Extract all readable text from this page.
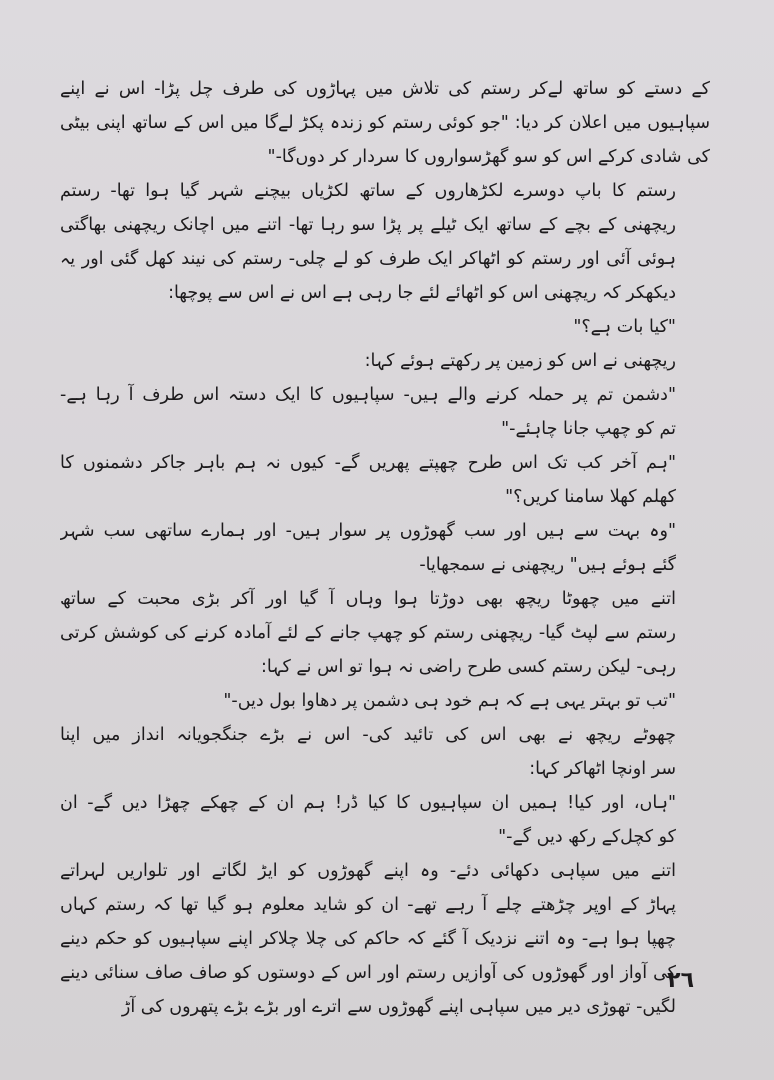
کے دستے کو ساتھ لےکر رستم کی تلاش میں پہاڑوں کی طرف چل پڑا- اس نے اپنے
سپاہیوں میں اعلان کر دیا: "جو کوئی رستم کو زندہ پکڑ لےگا میں اس کے ساتھ اپنی بیٹی
کی شادی کرکے اس کو سو گھڑسواروں کا سردار کر دوں‌گا-"
رستم کا باپ دوسرے لکڑھاروں کے ساتھ لکڑیاں بیچنے شہر گیا ہوا تھا- رستم
ریچھنی کے بچے کے ساتھ ایک ٹیلے پر پڑا سو رہا تھا- اتنے میں اچانک ریچھنی بھاگتی
ہوئی آئی اور رستم کو اٹھاکر ایک طرف کو لے چلی- رستم کی نیند کھل گئی اور یہ
دیکھکر کہ ریچھنی اس کو اٹھائے لئے جا رہی ہے اس نے اس سے پوچھا:
"کیا بات ہے؟"
ریچھنی نے اس کو زمین پر رکھتے ہوئے کہا:
"دشمن تم پر حملہ کرنے والے ہیں- سپاہیوں کا ایک دستہ اس طرف آ رہا ہے-
تم کو چھپ جانا چاہئے-"
"ہم آخر کب تک اس طرح چھپتے پھریں گے- کیوں نہ ہم باہر جاکر دشمنوں کا
کھلم کھلا سامنا کریں؟"
"وہ بہت سے ہیں اور سب گھوڑوں پر سوار ہیں- اور ہمارے ساتھی سب شہر
گئے ہوئے ہیں" ریچھنی نے سمجھایا-
اتنے میں چھوٹا ریچھ بھی دوڑتا ہوا وہاں آ گیا اور آکر بڑی محبت کے ساتھ
رستم سے لپٹ گیا- ریچھنی رستم کو چھپ جانے کے لئے آمادہ کرنے کی کوشش کرتی
رہی- لیکن رستم کسی طرح راضی نہ ہوا تو اس نے کہا:
"تب تو بہتر یہی ہے کہ ہم خود ہی دشمن پر دھاوا بول دیں-"
چھوٹے ریچھ نے بھی اس کی تائید کی- اس نے بڑے جنگجویانہ انداز میں اپنا
سر اونچا اٹھاکر کہا:
"ہاں، اور کیا! ہمیں ان سپاہیوں کا کیا ڈر! ہم ان کے چھکے چھڑا دیں گے- ان
کو کچل‌کے رکھ دیں گے-"
اتنے میں سپاہی دکھائی دئے- وہ اپنے گھوڑوں کو ایڑ لگاتے اور تلواریں لہراتے
پہاڑ کے اوپر چڑھتے چلے آ رہے تھے- ان کو شاید معلوم ہو گیا تھا کہ رستم کہاں
چھپا ہوا ہے- وہ اتنے نزدیک آ گئے کہ حاکم کی چلا چلاکر اپنے سپاہیوں کو حکم دینے
کی آواز اور گھوڑوں کی آوازیں رستم اور اس کے دوستوں کو صاف صاف سنائی دینے
لگیں- تھوڑی دیر میں سپاہی اپنے گھوڑوں سے اترے اور بڑے بڑے پتھروں کی آڑ
۲٦
